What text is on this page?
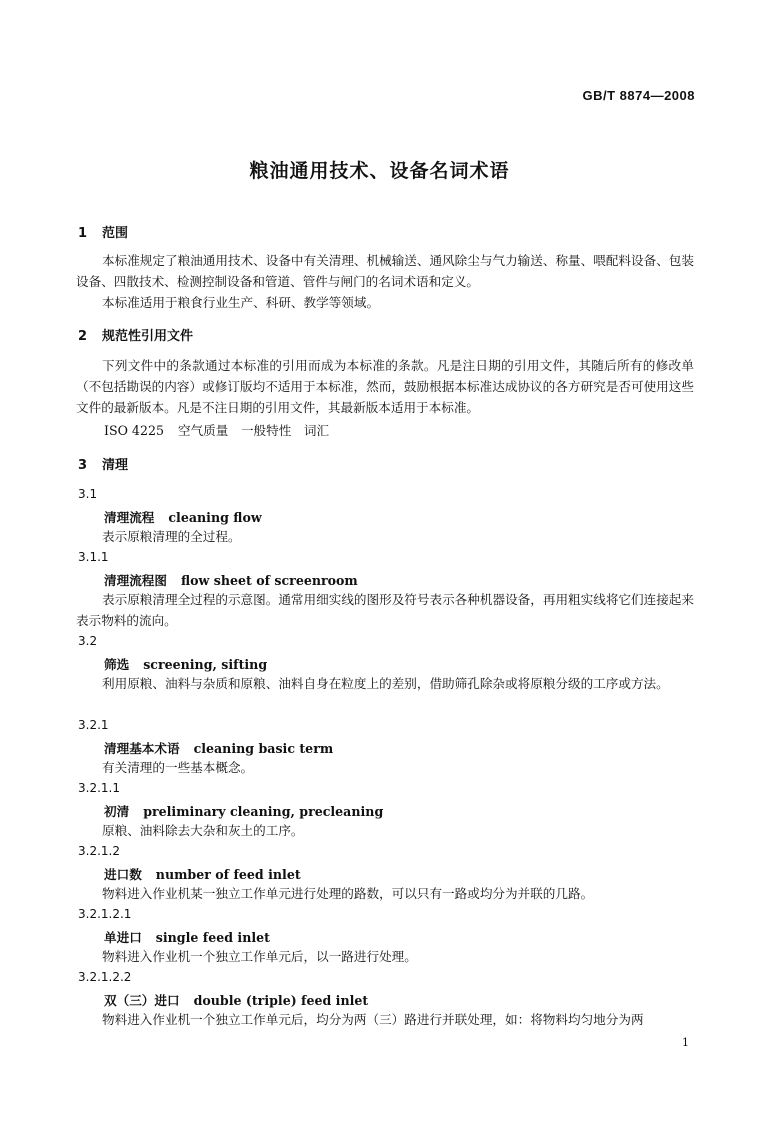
GB/T 8874—2008
粮油通用技术、设备名词术语
1 范围
本标准规定了粮油通用技术、设备中有关清理、机械输送、通风除尘与气力输送、称量、喂配料设备、包装设备、四散技术、检测控制设备和管道、管件与闸门的名词术语和定义。
本标准适用于粮食行业生产、科研、教学等领域。
2 规范性引用文件
下列文件中的条款通过本标准的引用而成为本标准的条款。凡是注日期的引用文件，其随后所有的修改单（不包括勘误的内容）或修订版均不适用于本标准，然而，鼓励根据本标准达成协议的各方研究是否可使用这些文件的最新版本。凡是不注日期的引用文件，其最新版本适用于本标准。
ISO 4225 空气质量　一般特性　词汇
3 清理
3.1
清理流程 cleaning flow
表示原粮清理的全过程。
3.1.1
清理流程图 flow sheet of screenroom
表示原粮清理全过程的示意图。通常用细实线的图形及符号表示各种机器设备，再用粗实线将它们连接起来表示物料的流向。
3.2
筛选 screening, sifting
利用原粮、油料与杂质和原粮、油料自身在粒度上的差别，借助筛孔除杂或将原粮分级的工序或方法。
3.2.1
清理基本术语 cleaning basic term
有关清理的一些基本概念。
3.2.1.1
初清 preliminary cleaning, precleaning
原粮、油料除去大杂和灰土的工序。
3.2.1.2
进口数 number of feed inlet
物料进入作业机某一独立工作单元进行处理的路数，可以只有一路或均分为并联的几路。
3.2.1.2.1
单进口 single feed inlet
物料进入作业机一个独立工作单元后，以一路进行处理。
3.2.1.2.2
双（三）进口 double (triple) feed inlet
物料进入作业机一个独立工作单元后，均分为两（三）路进行并联处理，如：将物料均匀地分为两
1
